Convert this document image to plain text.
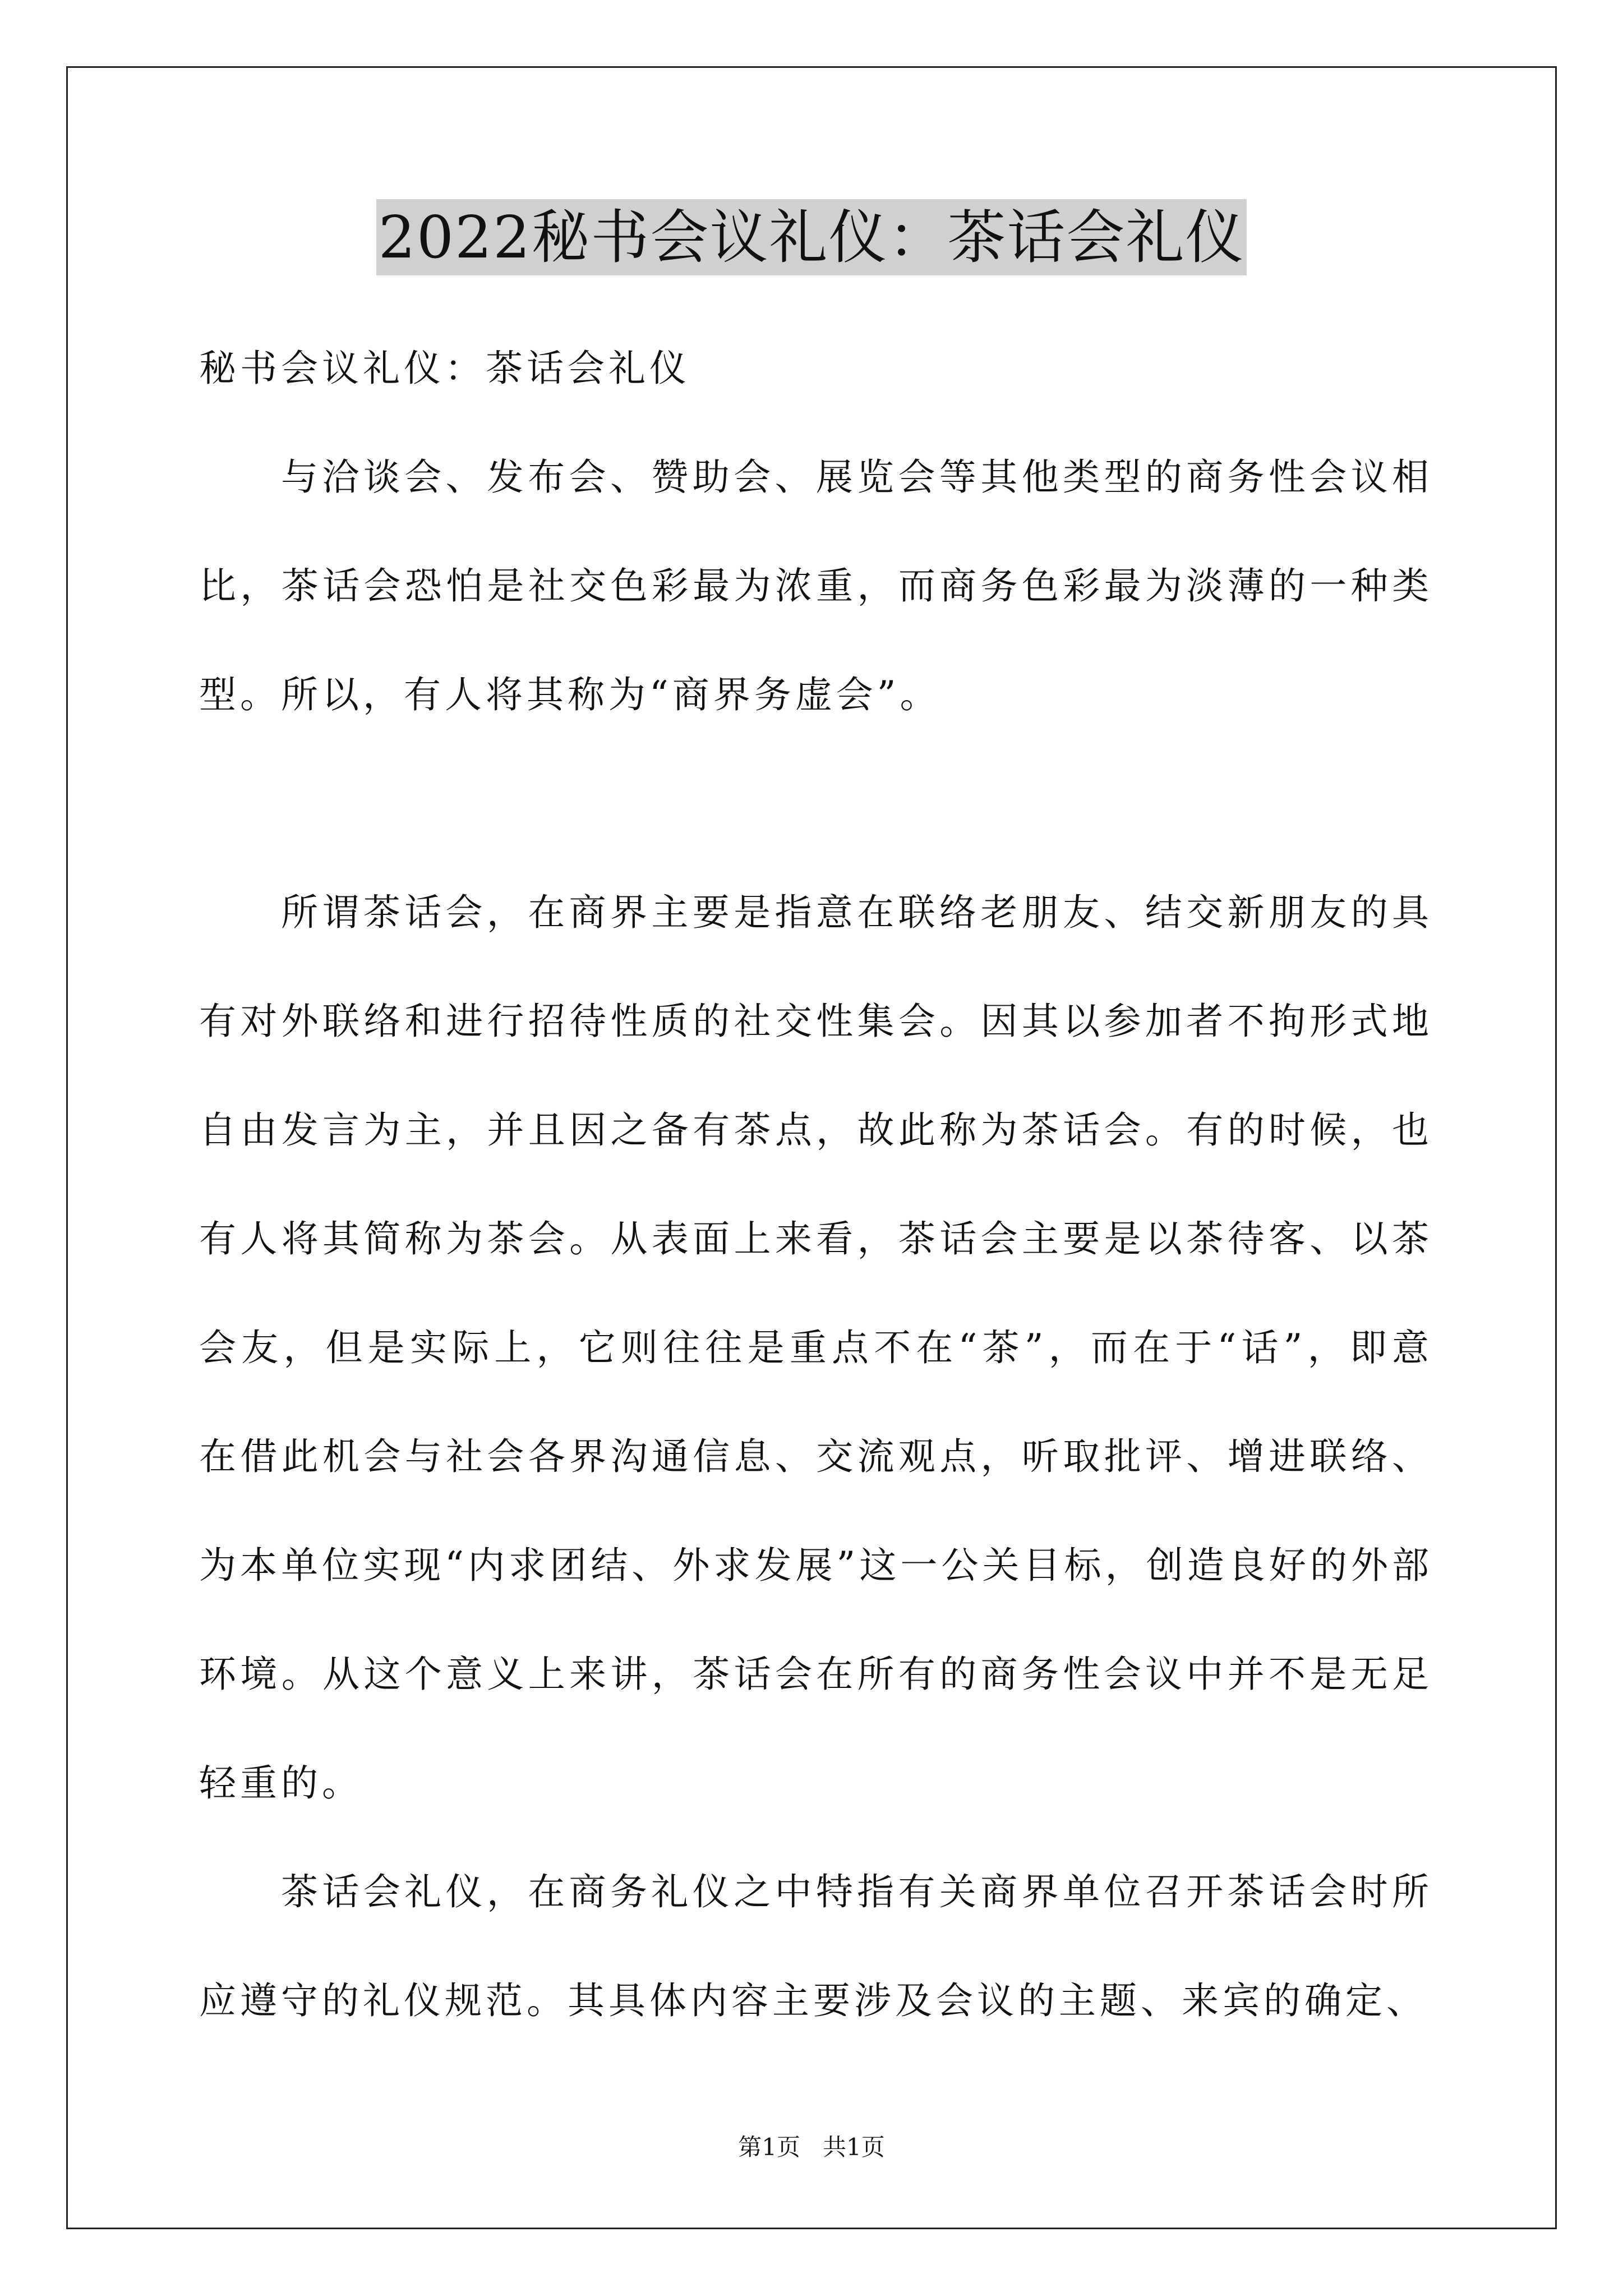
2022秘书会议礼仪：茶话会礼仪

秘书会议礼仪：茶话会礼仪

与洽谈会、发布会、赞助会、展览会等其他类型的商务性会议相比，茶话会恐怕是社交色彩最为浓重，而商务色彩最为淡薄的一种类型。所以，有人将其称为“商界务虚会”。

所谓茶话会，在商界主要是指意在联络老朋友、结交新朋友的具有对外联络和进行招待性质的社交性集会。因其以参加者不拘形式地自由发言为主，并且因之备有茶点，故此称为茶话会。有的时候，也有人将其简称为茶会。从表面上来看，茶话会主要是以茶待客、以茶会友，但是实际上，它则往往是重点不在“茶”，而在于“话”，即意在借此机会与社会各界沟通信息、交流观点，听取批评、增进联络、为本单位实现“内求团结、外求发展”这一公关目标，创造良好的外部环境。从这个意义上来讲，茶话会在所有的商务性会议中并不是无足轻重的。

茶话会礼仪，在商务礼仪之中特指有关商界单位召开茶话会时所应遵守的礼仪规范。其具体内容主要涉及会议的主题、来宾的确定、

第1页   共1页
